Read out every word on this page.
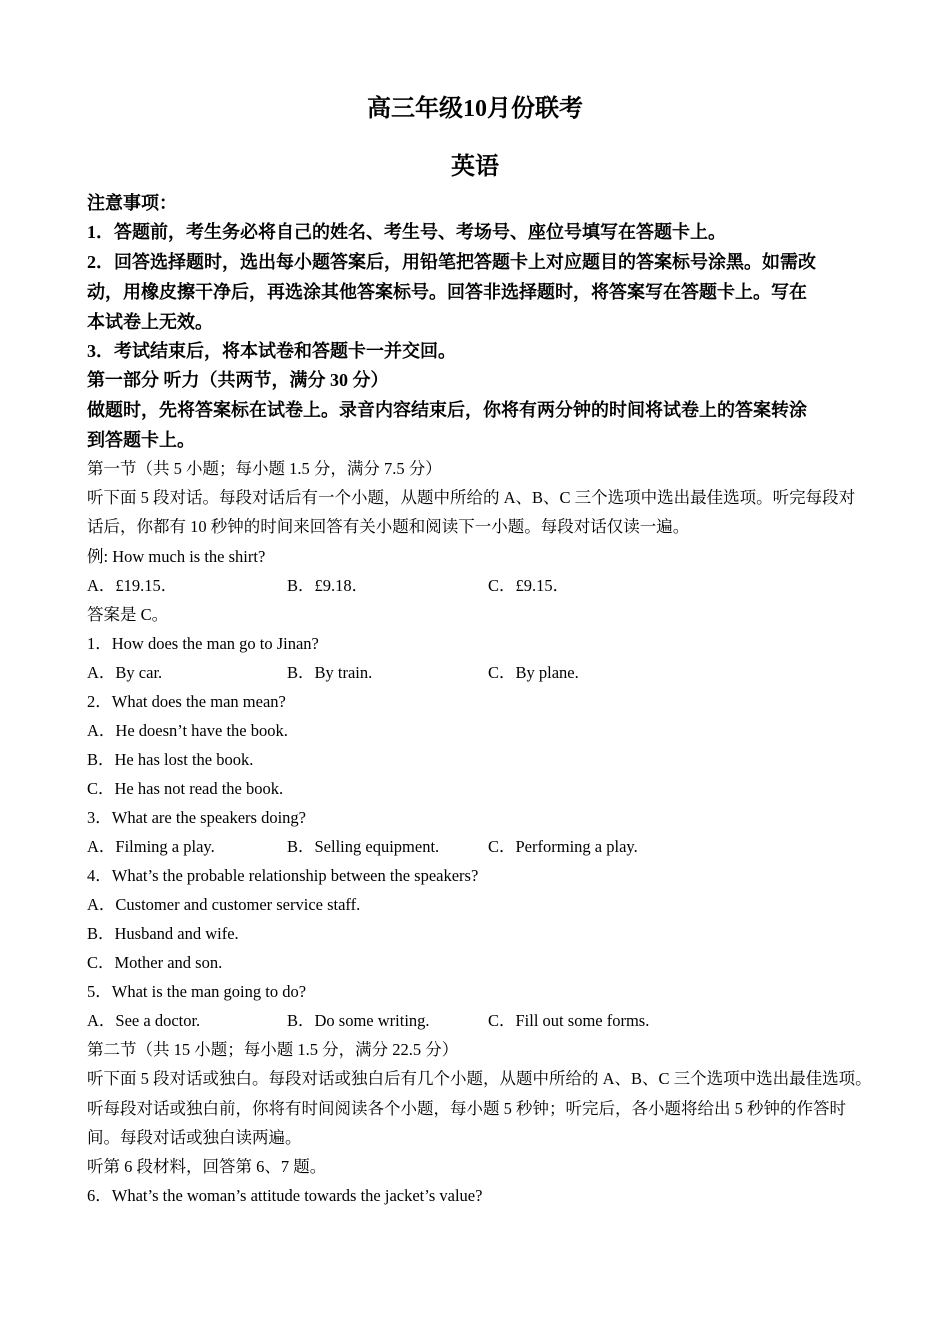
高三年级10月份联考
英语
注意事项：
1．答题前，考生务必将自己的姓名、考生号、考场号、座位号填写在答题卡上。
2．回答选择题时，选出每小题答案后，用铅笔把答题卡上对应题目的答案标号涂黑。如需改
动，用橡皮擦干净后，再选涂其他答案标号。回答非选择题时，将答案写在答题卡上。写在
本试卷上无效。
3．考试结束后，将本试卷和答题卡一并交回。
第一部分 听力（共两节，满分 30 分）
做题时，先将答案标在试卷上。录音内容结束后，你将有两分钟的时间将试卷上的答案转涂
到答题卡上。
第一节（共 5 小题；每小题 1.5 分，满分 7.5 分）
听下面 5 段对话。每段对话后有一个小题，从题中所给的 A、B、C 三个选项中选出最佳选项。听完每段对
话后，你都有 10 秒钟的时间来回答有关小题和阅读下一小题。每段对话仅读一遍。
例: How much is the shirt?
A．£19.15．	B．£9.18．	C．£9.15．
答案是 C。
1．How does the man go to Jinan?
A．By car.	B．By train.	C．By plane.
2．What does the man mean?
A．He doesn’t have the book.
B．He has lost the book.
C．He has not read the book.
3．What are the speakers doing?
A．Filming a play.	B．Selling equipment.	C．Performing a play.
4．What’s the probable relationship between the speakers?
A．Customer and customer service staff.
B．Husband and wife.
C．Mother and son.
5．What is the man going to do?
A．See a doctor.	B．Do some writing.	C．Fill out some forms.
第二节（共 15 小题；每小题 1.5 分，满分 22.5 分）
听下面 5 段对话或独白。每段对话或独白后有几个小题，从题中所给的 A、B、C 三个选项中选出最佳选项。
听每段对话或独白前，你将有时间阅读各个小题，每小题 5 秒钟；听完后，各小题将给出 5 秒钟的作答时
间。每段对话或独白读两遍。
听第 6 段材料，回答第 6、7 题。
6．What’s the woman’s attitude towards the jacket’s value?
